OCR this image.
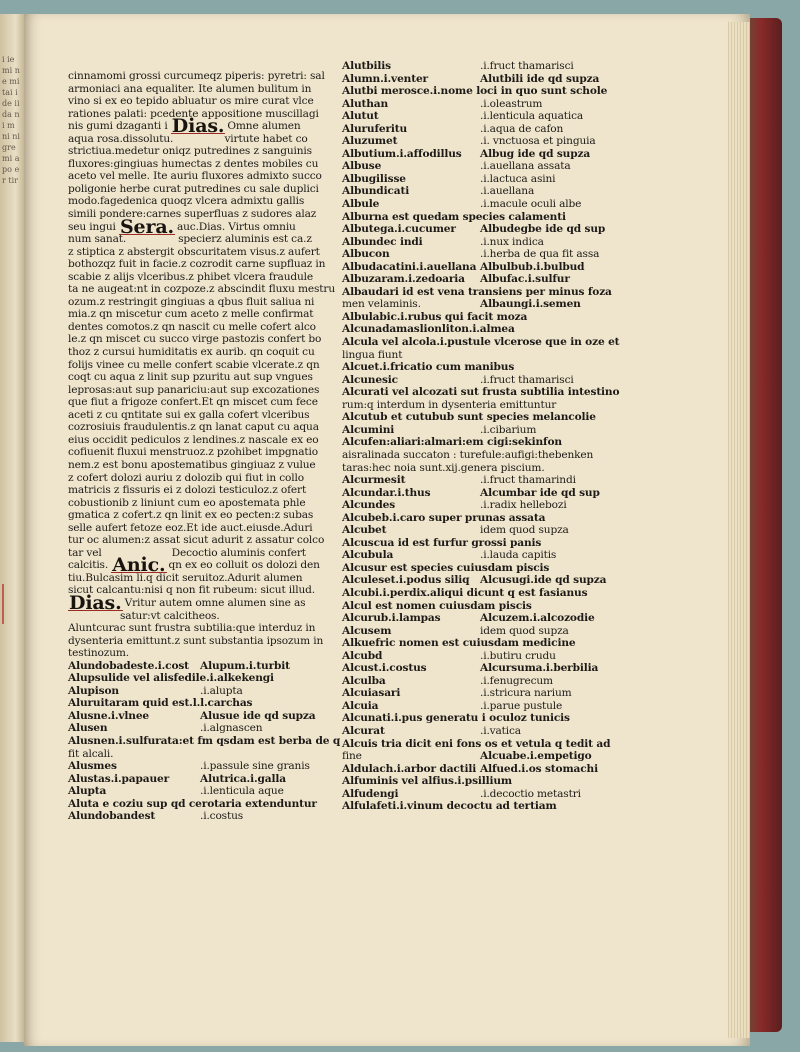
i ie mi ne mi tai ide ii da ni m ni ni gre mi a po er tir
cinnamomi grossi curcumeqz piperis: pyretri: sal
armoniaci ana equaliter. Ite alumen bulitum in
vino si ex eo tepido abluatur os mire curat vlce
rationes palati: pcedente appositione muscillagi
nis gumi dzaganti i Dias. Omne alumen
aqua rosa.dissolutu.	virtute habet co
strictiua.medetur oniqz putredines z sanguinis
fluxores:gingiuas humectas z dentes mobiles cu
aceto vel melle. Ite auriu fluxores admixto succo
poligonie herbe curat putredines cu sale duplici
modo.fagedenica quoqz vlcera admixtu gallis
simili pondere:carnes superfluas z sudores alaz
seu ingui Sera. auc.Dias. Virtus omniu
num sanat.	specierz aluminis est ca.z
z stiptica z abstergit obscuritatem visus.z aufert
bothozqz fuit in facie.z cozrodit carne supfluaz in
scabie z alijs vlceribus.z phibet vlcera fraudule
ta ne augeat:nt in cozpoze.z abscindit fluxu mestru
ozum.z restringit gingiuas a qbus fluit saliua ni
mia.z qn miscetur cum aceto z melle confirmat
dentes comotos.z qn nascit cu melle cofert alco
le.z qn miscet cu succo virge pastozis confert bo
thoz z cursui humiditatis ex aurib. qn coquit cu
folijs vinee cu melle confert scabie vlcerate.z qn
coqt cu aqua z linit sup pzuritu aut sup vngues
leprosas:aut sup panariciu:aut sup excozationes
que fiut a frigoze confert.Et qn miscet cum fece
aceti z cu qntitate sui ex galla cofert vlceribus
cozrosiuis fraudulentis.z qn lanat caput cu aqua
eius occidit pediculos z lendines.z nascale ex eo
cofiuenit fluxui menstruoz.z pzohibet impgnatio
nem.z est bonu apostematibus gingiuaz z vulue
z cofert dolozi auriu z dolozib qui fiut in collo
matricis z fissuris ei z dolozi testiculoz.z ofert
cobustionib z liniunt cum eo apostemata phle
gmatica z cofert.z qn linit ex eo pecten:z subas
selle aufert fetoze eoz.Et ide auct.eiusde.Aduri
tur oc alumen:z assat sicut adurit z assatur colco
tar vel	Decoctio aluminis confert
calcitis. Anic. qn ex eo colluit os dolozi den
tiu.Bulcasim li.q dicit seruitoz.Adurit alumen
sicut calcantu:nisi q non fit rubeum: sicut illud.
Dias. Vritur autem omne alumen sine as
satur:vt calcitheos.
Aluntcurac sunt frustra subtilia:que interduz in
dysenteria emittunt.z sunt substantia ipsozum in
testinozum.
Alundobadeste.i.cost	Alupum.i.turbit
Alupsulide vel alisfedile.i.alkekengi
Alupison	.i.alupta
Aluruitaram quid est.l.l.carchas
Alusne.i.vlnee	Alusue ide qd supza
Alusen	.i.algnascen
Alusnen.i.sulfurata:et fm qsdam est berba de q
fit alcali.
Alusmes	.i.passule sine granis
Alustas.i.papauer	Alutrica.i.galla
Alupta	.i.lenticula aque
Aluta e coziu sup qd cerotaria extenduntur
Alundobandest	.i.costus
Alutbilis	.i.fruct thamarisci
Alumn.i.venter	Alutbili ide qd supza
Alutbi merosce.i.nome loci in quo sunt schole
Aluthan	.i.oleastrum
Alutut	.i.lenticula aquatica
Aluruferitu	.i.aqua de cafon
Aluzumet	.i. vnctuosa et pinguia
Albutium.i.affodillus	Albug ide qd supza
Albuse	.i.auellana assata
Albugilisse	.i.lactuca asini
Albundicati	.i.auellana
Albule	.i.macule oculi albe
Alburna est quedam species calamenti
Albutega.i.cucumer	Albudegbe ide qd sup
Albundec indi	.i.nux indica
Albucon	.i.herba de qua fit assa
Albudacatini.i.auellana Albulbub.i.bulbud
Albuzaram.i.zedoaria	Albufac.i.sulfur
Albaudari id est vena transiens per minus foza
men velaminis.	Albaungi.i.semen
Albulabic.i.rubus qui facit moza
Alcunadamaslionliton.i.almea
Alcula vel alcola.i.pustule vlcerose que in oze et
lingua fiunt
Alcuet.i.fricatio cum manibus
Alcunesic	.i.fruct thamarisci
Alcurati vel alcozati sut frusta subtilia intestino
rum:q interdum in dysenteria emittuntur
Alcutub et cutubub sunt species melancolie
Alcumini	.i.cibarium
Alcufen:aliari:almari:em cigi:sekinfon
aisralinada succaton : turefule:aufigi:thebenken
taras:hec noia sunt.xij.genera piscium.
Alcurmesit	.i.fruct thamarindi
Alcundar.i.thus	Alcumbar ide qd sup
Alcundes	.i.radix hellebozi
Alcubeb.i.caro super prunas assata
Alcubet	idem quod supza
Alcuscua id est furfur grossi panis
Alcubula	.i.lauda capitis
Alcusur est species cuiusdam piscis
Alculeset.i.podus siliq	Alcusugi.ide qd supza
Alcubi.i.perdix.aliqui dicunt q est fasianus
Alcul est nomen cuiusdam piscis
Alcurub.i.lampas	Alcuzem.i.alcozodie
Alcusem	idem quod supza
Alkuefric nomen est cuiusdam medicine
Alcubd	.i.butiru crudu
Alcust.i.costus	Alcursuma.i.berbilia
Alculba	.i.fenugrecum
Alcuiasari	.i.stricura narium
Alcuia	.i.parue pustule
Alcunati.i.pus generatu i oculoz tunicis
Alcurat	.i.vatica
Alcuis tria dicit eni fons os et vetula q tedit ad
fine	Alcuabe.i.empetigo
Aldulach.i.arbor dactili Alfued.i.os stomachi
Alfuminis vel alfius.i.psillium
Alfudengi	.i.decoctio metastri
Alfulafeti.i.vinum decoctu ad tertiam
